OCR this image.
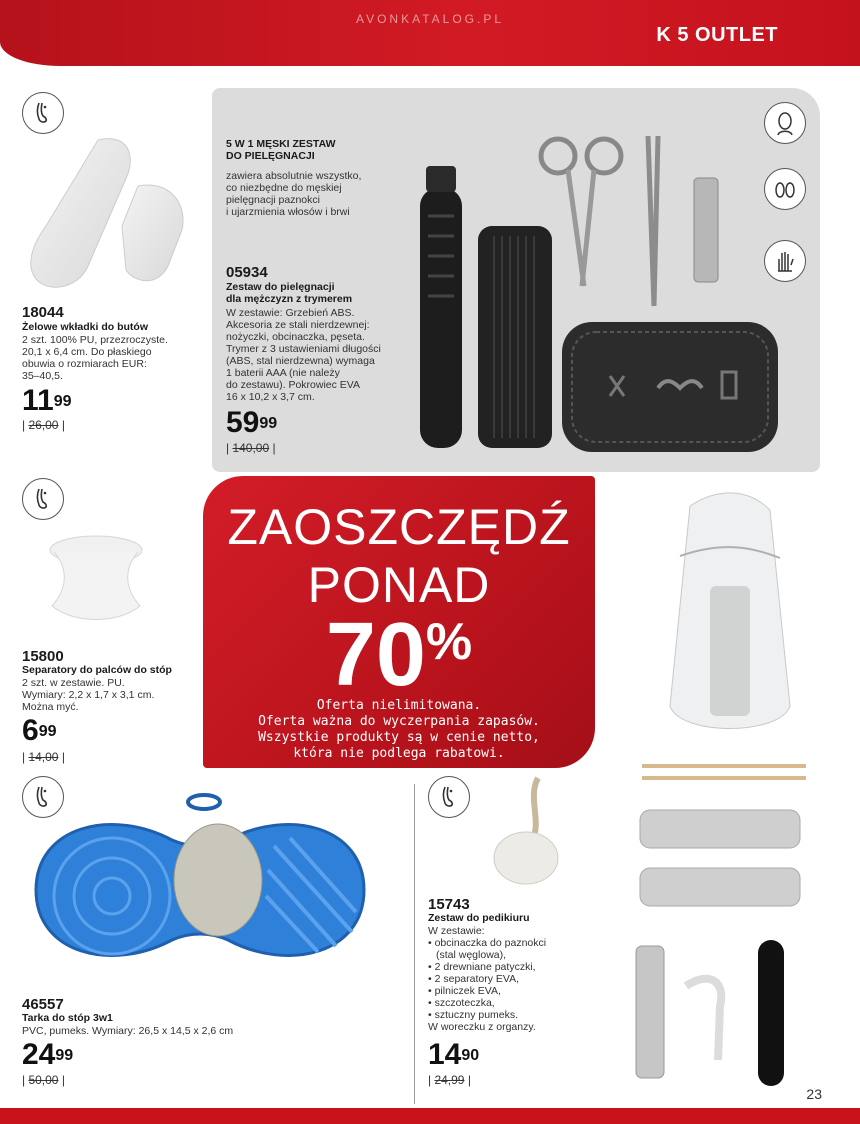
AVONKATALOG.PL
K 5 OUTLET
18044
Żelowe wkładki do butów
2 szt. 100% PU, przezroczyste.
20,1 x 6,4 cm. Do płaskiego
obuwia o rozmiarach EUR:
35–40,5.
$11^{99}$
| 26,00 |
5 W 1 MĘSKI ZESTAW
DO PIELĘGNACJI
zawiera absolutnie wszystko,
co niezbędne do męskiej
pielęgnacji paznokci
i ujarzmienia włosów i brwi
05934
Zestaw do pielęgnacji
dla mężczyzn z trymerem
W zestawie: Grzebień ABS.
Akcesoria ze stali nierdzewnej:
nożyczki, obcinaczka, pęseta.
Trymer z 3 ustawieniami długości
(ABS, stal nierdzewna) wymaga
1 baterii AAA (nie należy
do zestawu). Pokrowiec EVA
16 x 10,2 x 3,7 cm.
$59^{99}$
| 140,00 |
ZAOSZCZĘDŹ
PONAD
70%
Oferta nielimitowana.
Oferta ważna do wyczerpania zapasów.
Wszystkie produkty są w cenie netto,
która nie podlega rabatowi.
15800
Separatory do palców do stóp
2 szt. w zestawie. PU.
Wymiary: 2,2 x 1,7 x 3,1 cm.
Można myć.
$6^{99}$
| 14,00 |
46557
Tarka do stóp 3w1
PVC, pumeks. Wymiary: 26,5 x 14,5 x 2,6 cm
$24^{99}$
| 50,00 |
15743
Zestaw do pedikiuru
W zestawie:
• obcinaczka do paznokci
(stal węglowa),
• 2 drewniane patyczki,
• 2 separatory EVA,
• pilniczek EVA,
• szczoteczka,
• sztuczny pumeks.
W woreczku z organzy.
$14^{90}$
| 24,99 |
23
